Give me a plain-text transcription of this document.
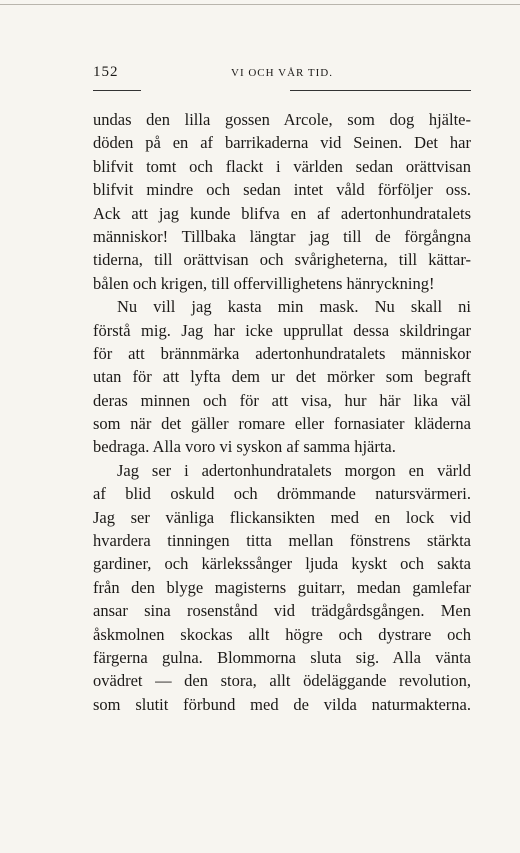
152	VI OCH VÅR TID.
undas den lilla gossen Arcole, som dog hjälte-
döden på en af barrikaderna vid Seinen. Det har
blifvit tomt och flackt i världen sedan orättvisan
blifvit mindre och sedan intet våld förföljer oss.
Ack att jag kunde blifva en af adertonhundratalets
människor! Tillbaka längtar jag till de förgångna
tiderna, till orättvisan och svårigheterna, till kättar-
bålen och krigen, till offervillighetens hänryckning!
Nu vill jag kasta min mask. Nu skall ni
förstå mig. Jag har icke upprullat dessa skildringar
för att brännmärka adertonhundratalets människor
utan för att lyfta dem ur det mörker som begraft
deras minnen och för att visa, hur här lika väl
som när det gäller romare eller fornasiater kläderna
bedraga. Alla voro vi syskon af samma hjärta.
Jag ser i adertonhundratalets morgon en värld
af blid oskuld och drömmande natursvärmeri.
Jag ser vänliga flickansikten med en lock vid
hvardera tinningen titta mellan fönstrens stärkta
gardiner, och kärlekssånger ljuda kyskt och sakta
från den blyge magisterns guitarr, medan gamlefar
ansar sina rosenstånd vid trädgårdsgången. Men
åskmolnen skockas allt högre och dystrare och
färgerna gulna. Blommorna sluta sig. Alla vänta
ovädret — den stora, allt ödeläggande revolution,
som slutit förbund med de vilda naturmakterna.
